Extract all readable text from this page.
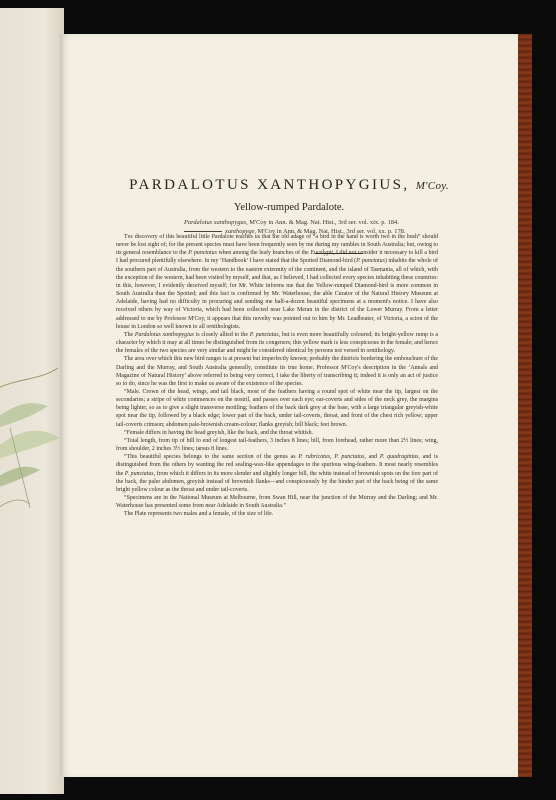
PARDALOTUS XANTHOPYGIUS, M'Coy.
Yellow-rumped Pardalote.
Pardalotus xanthopygus, M'Coy in Ann. & Mag. Nat. Hist., 3rd ser. vol. xix. p. 184.
xanthopyge, M'Coy in Ann. & Mag. Nat. Hist., 3rd ser. vol. xx. p. 178.

The discovery of this beautiful little Pardalote teaches us that the old adage of “a bird in the hand is worth two in the bush” should never be lost sight of; for the present species must have been frequently seen by me during my rambles in South Australia; but, owing to its general resemblance to the P. punctatus when among the leafy branches of the Eucalypti, I did not consider it necessary to kill a bird I had procured plentifully elsewhere. In my ‘Handbook’ I have stated that the Spotted Diamond-bird (P. punctatus) inhabits the whole of the southern part of Australia, from the western to the eastern extremity of the continent, and the island of Tasmania, all of which, with the exception of the western, had been visited by myself, and that, as I believed, I had collected every species inhabiting these countries: in this, however, I evidently deceived myself; for Mr. White informs me that the Yellow-rumped Diamond-bird is more common in South Australia than the Spotted; and this fact is confirmed by Mr. Waterhouse, the able Curator of the Natural History Museum at Adelaide, having had no difficulty in procuring and sending me half-a-dozen beautiful specimens at a moment's notice. I have also received others by way of Victoria, which had been collected near Lake Meran in the district of the Lower Murray. From a letter addressed to me by Professor M'Coy, it appears that this novelty was pointed out to him by Mr. Leadbeater, of Victoria, a scion of the house in London so well known to all ornithologists.

The Pardalotus xanthopygius is closely allied to the P. punctatus, but is even more beautifully coloured; its bright-yellow rump is a character by which it may at all times be distinguished from its congeners; this yellow mark is less conspicuous in the female; and hence the females of the two species are very similar and might be considered identical by persons not versed in ornithology.

The area over which this new bird ranges is at present but imperfectly known; probably the districts bordering the embouchure of the Darling and the Murray, and South Australia generally, constitute its true home. Professor M'Coy's description in the ‘Annals and Magazine of Natural History’ above referred to being very correct, I take the liberty of transcribing it; indeed it is only an act of justice so to do, since he was the first to make us aware of the existence of the species.

“Male. Crown of the head, wings, and tail black, most of the feathers having a round spot of white near the tip, largest on the secondaries; a stripe of white commences on the nostril, and passes over each eye; ear-coverts and sides of the neck grey, the margins being lighter, so as to give a slight transverse mottling; feathers of the back dark grey at the base, with a large triangular greyish-white spot near the tip, followed by a black edge; lower part of the back, under tail-coverts, throat, and front of the chest rich yellow; upper tail-coverts crimson; abdomen pale-brownish cream-colour; flanks greyish; bill black; feet brown.

“Female differs in having the head greyish, like the back, and the throat whitish.

“Total length, from tip of bill to end of longest tail-feathers, 3 inches 8 lines; bill, from forehead, rather more than 2½ lines; wing, from shoulder, 2 inches 3½ lines; tarsus 8 lines.

“This beautiful species belongs to the same section of the genus as P. rubricatus, P. punctatus, and P. quadragintus, and is distinguished from the others by wanting the red sealing-wax-like appendages to the spurious wing-feathers. It most nearly resembles the P. punctatus, from which it differs in its more slender and slightly longer bill, the white instead of brownish spots on the fore part of the back, the paler abdomen, greyish instead of brownish flanks—and conspicuously by the hinder part of the back being of the same bright yellow colour as the throat and under tail-coverts.

“Specimens are in the National Museum at Melbourne, from Swan Hill, near the junction of the Murray and the Darling; and Mr. Waterhouse has presented some from near Adelaide in South Australia.”

The Plate represents two males and a female, of the size of life.
